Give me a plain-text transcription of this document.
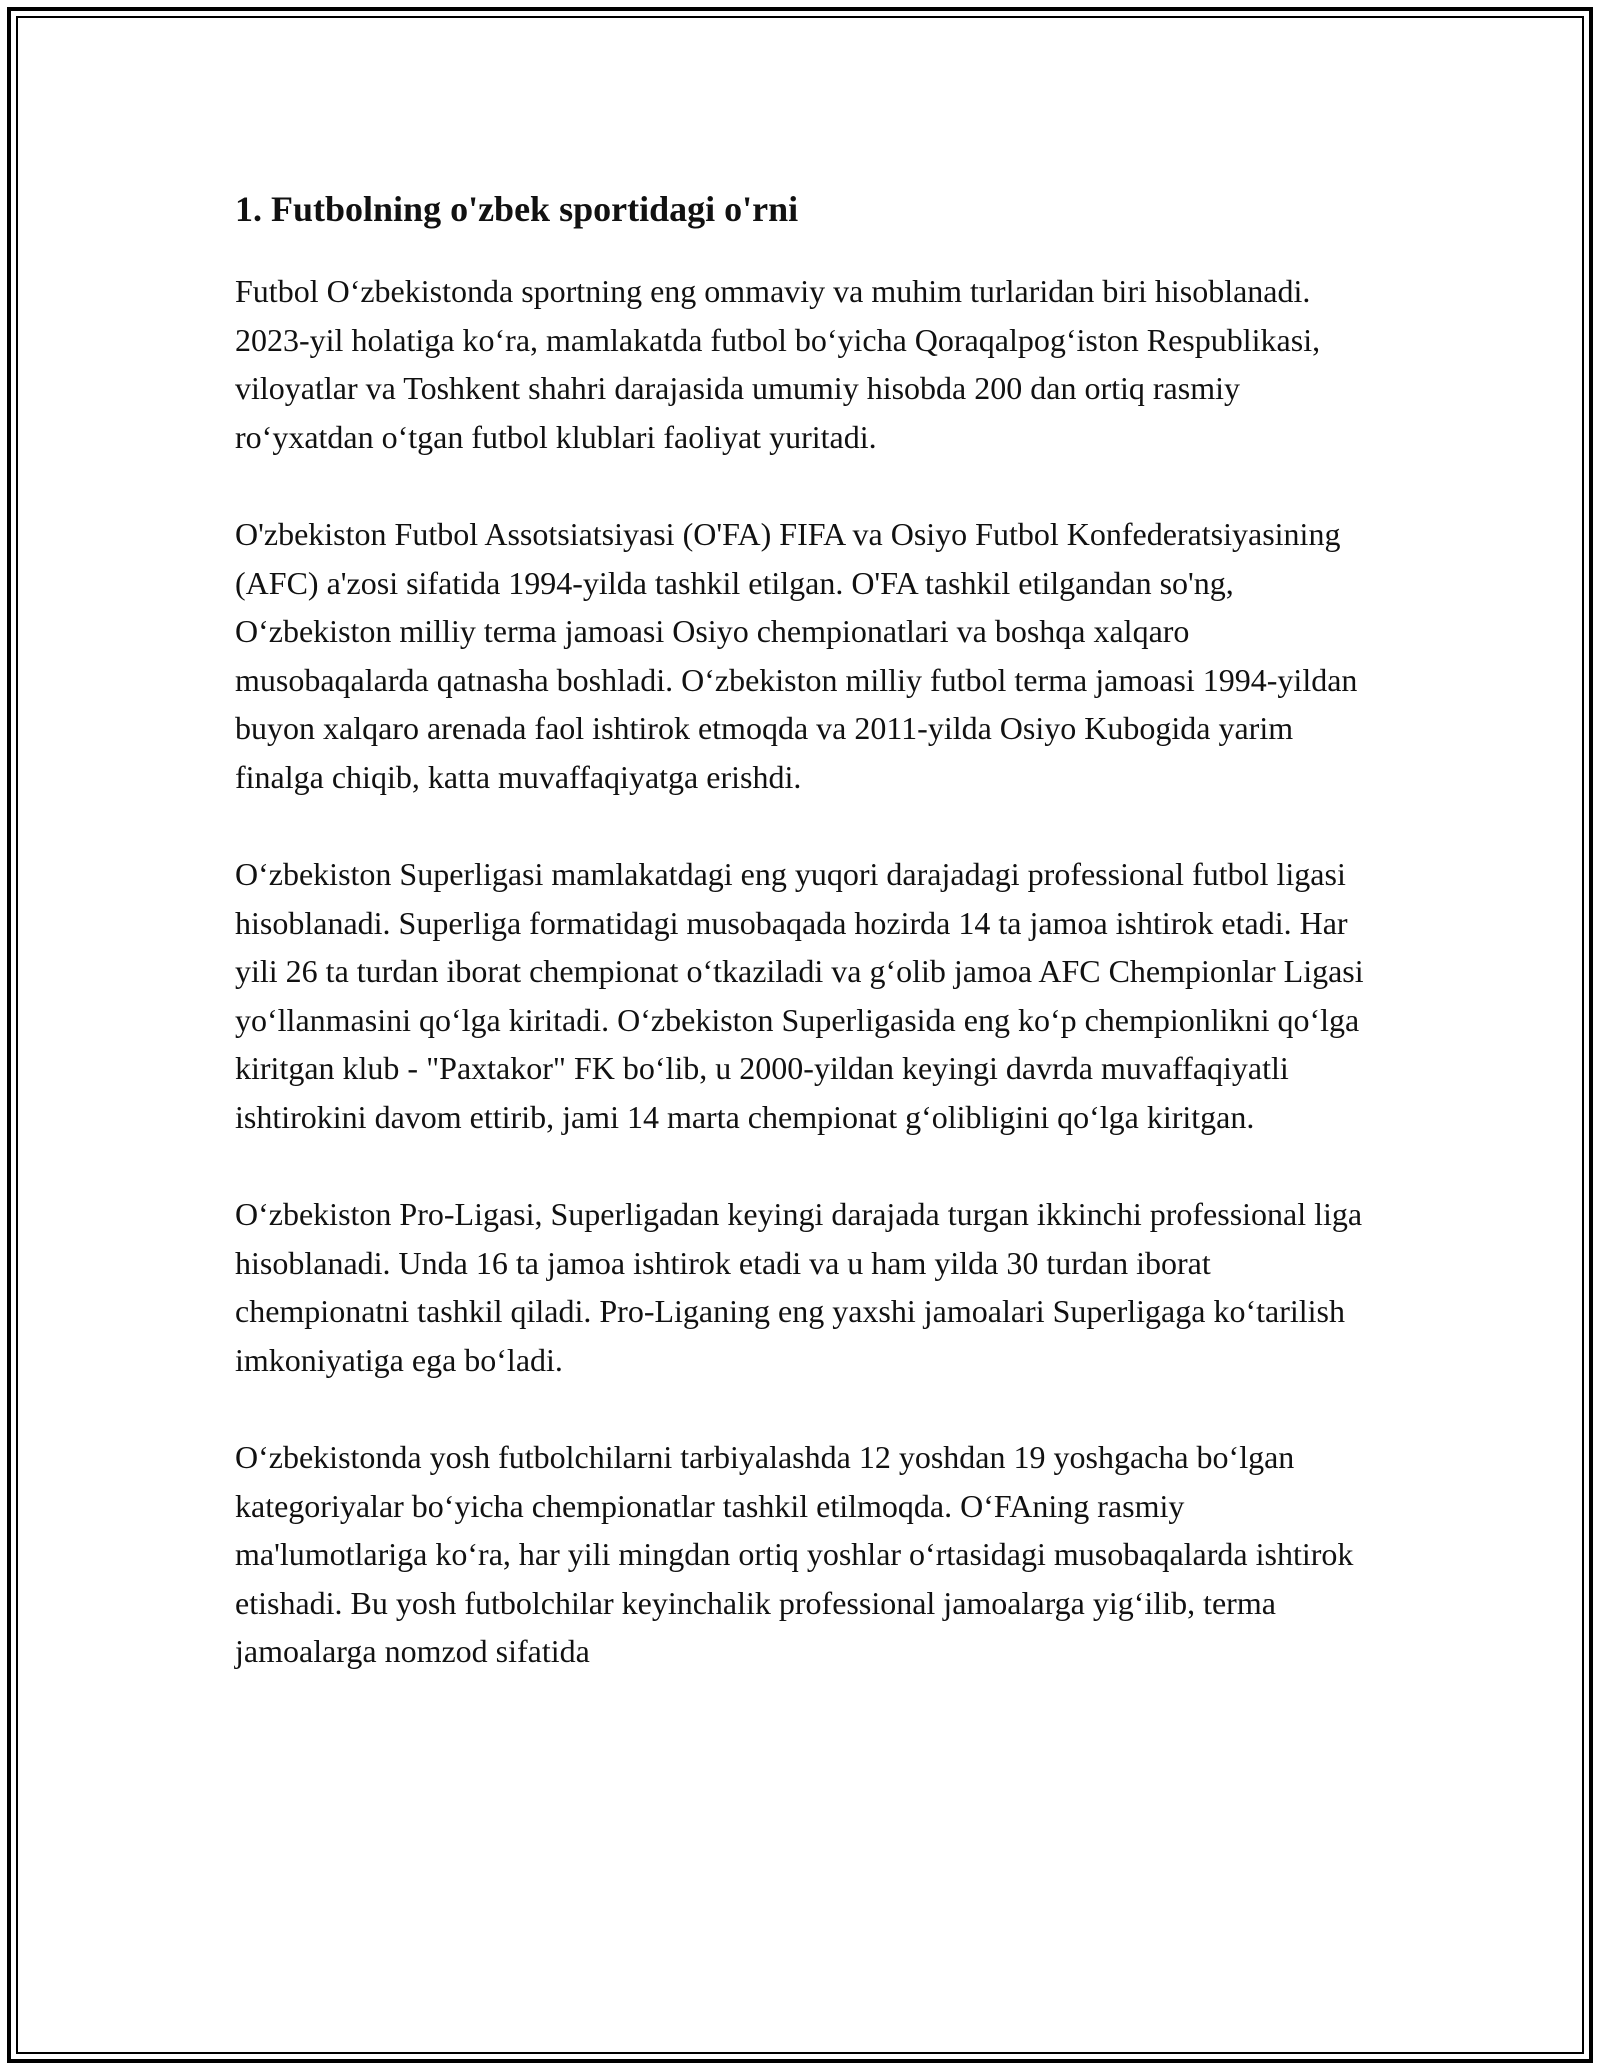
1. Futbolning o'zbek sportidagi o'rni

Futbol O‘zbekistonda sportning eng ommaviy va muhim turlaridan biri hisoblanadi. 2023-yil holatiga ko‘ra, mamlakatda futbol bo‘yicha Qoraqalpog‘iston Respublikasi, viloyatlar va Toshkent shahri darajasida umumiy hisobda 200 dan ortiq rasmiy ro‘yxatdan o‘tgan futbol klublari faoliyat yuritadi.

O'zbekiston Futbol Assotsiatsiyasi (O'FA) FIFA va Osiyo Futbol Konfederatsiyasining (AFC) a'zosi sifatida 1994-yilda tashkil etilgan. O'FA tashkil etilgandan so'ng, O‘zbekiston milliy terma jamoasi Osiyo chempionatlari va boshqa xalqaro musobaqalarda qatnasha boshladi. O‘zbekiston milliy futbol terma jamoasi 1994-yildan buyon xalqaro arenada faol ishtirok etmoqda va 2011-yilda Osiyo Kubogida yarim finalga chiqib, katta muvaffaqiyatga erishdi.

O‘zbekiston Superligasi mamlakatdagi eng yuqori darajadagi professional futbol ligasi hisoblanadi. Superliga formatidagi musobaqada hozirda 14 ta jamoa ishtirok etadi. Har yili 26 ta turdan iborat chempionat o‘tkaziladi va g‘olib jamoa AFC Chempionlar Ligasi yo‘llanmasini qo‘lga kiritadi. O‘zbekiston Superligasida eng ko‘p chempionlikni qo‘lga kiritgan klub - "Paxtakor" FK bo‘lib, u 2000-yildan keyingi davrda muvaffaqiyatli ishtirokini davom ettirib, jami 14 marta chempionat g‘olibligini qo‘lga kiritgan.

O‘zbekiston Pro-Ligasi, Superligadan keyingi darajada turgan ikkinchi professional liga hisoblanadi. Unda 16 ta jamoa ishtirok etadi va u ham yilda 30 turdan iborat chempionatni tashkil qiladi. Pro-Liganing eng yaxshi jamoalari Superligaga ko‘tarilish imkoniyatiga ega bo‘ladi.

O‘zbekistonda yosh futbolchilarni tarbiyalashda 12 yoshdan 19 yoshgacha bo‘lgan kategoriyalar bo‘yicha chempionatlar tashkil etilmoqda. O‘FAning rasmiy ma'lumotlariga ko‘ra, har yili mingdan ortiq yoshlar o‘rtasidagi musobaqalarda ishtirok etishadi. Bu yosh futbolchilar keyinchalik professional jamoalarga yig‘ilib, terma jamoalarga nomzod sifatida
